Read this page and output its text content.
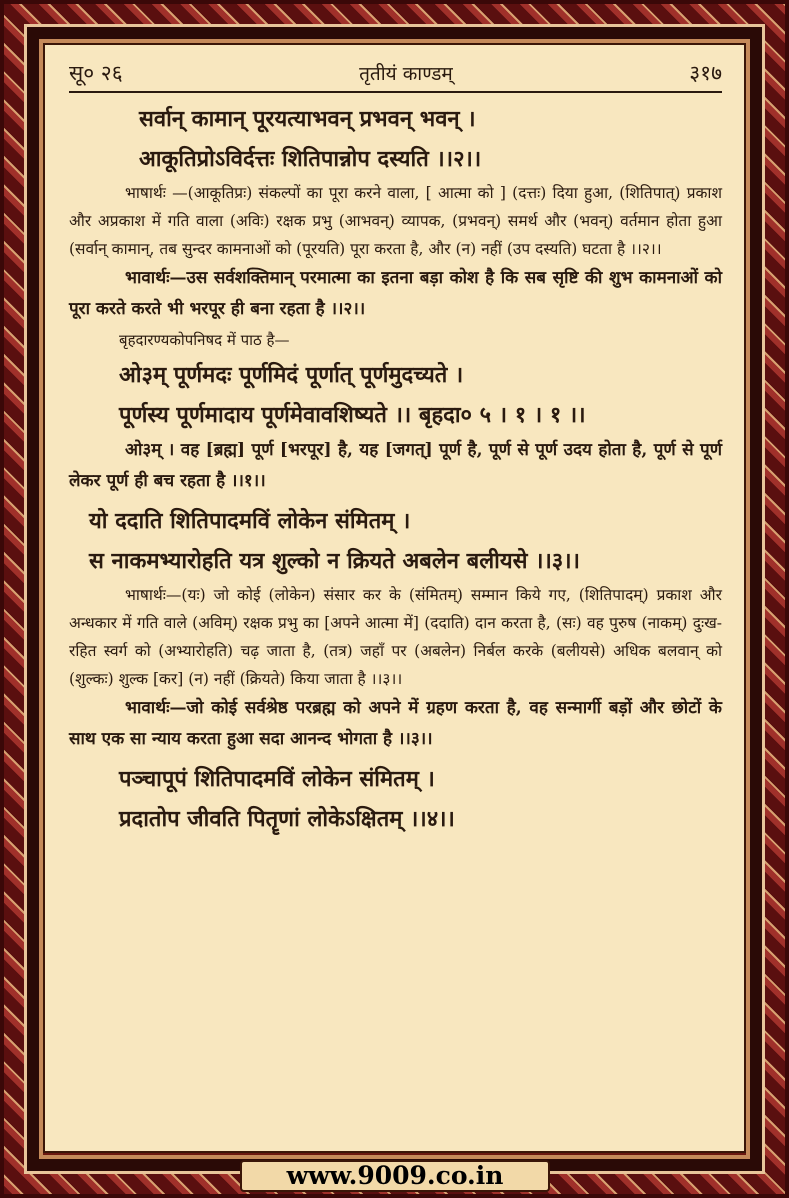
सू० २६	तृतीयं काण्डम्	३१७
सर्वान् कामान् पूरयत्याभवन् प्रभवन् भवन् ।
आकूतिप्रोऽविर्दत्तः शितिपान्नोप दस्यति ।।२।।
भाषार्थः —(आकूतिप्रः) संकल्पों का पूरा करने वाला, [ आत्मा को ] (दत्तः) दिया हुआ, (शितिपात्) प्रकाश और अप्रकाश में गति वाला (अविः) रक्षक प्रभु (आभवन्) व्यापक, (प्रभवन्) समर्थ और (भवन्) वर्तमान होता हुआ (सर्वान् कामान्, तब सुन्दर कामनाओं को (पूरयति) पूरा करता है, और (न) नहीं (उप दस्यति) घटता है ।।२।।
भावार्थः—उस सर्वशक्तिमान् परमात्मा का इतना बड़ा कोश है कि सब सृष्टि की शुभ कामनाओं को पूरा करते करते भी भरपूर ही बना रहता है ।।२।।
बृहदारण्यकोपनिषद में पाठ है—
ओ३म् पूर्णमदः पूर्णमिदं पूर्णात् पूर्णमुदच्यते ।
पूर्णस्य पूर्णमादाय पूर्णमेवावशिष्यते ।। बृहदा० ५ । १ । १ ।।
ओ३म् । वह [ब्रह्म] पूर्ण [भरपूर] है, यह [जगत्] पूर्ण है, पूर्ण से पूर्ण उदय होता है, पूर्ण से पूर्ण लेकर पूर्ण ही बच रहता है ।।१।।
यो ददाति शितिपादमविं लोकेन संमितम् ।
स नाकमभ्यारोहति यत्र शुल्को न क्रियते अबलेन बलीयसे ।।३।।
भाषार्थः—(यः) जो कोई (लोकेन) संसार कर के (संमितम्) सम्मान किये गए, (शितिपादम्) प्रकाश और अन्धकार में गति वाले (अविम्) रक्षक प्रभु का [अपने आत्मा में] (ददाति) दान करता है, (सः) वह पुरुष (नाकम्) दुःख-रहित स्वर्ग को (अभ्यारोहति) चढ़ जाता है, (तत्र) जहाँ पर (अबलेन) निर्बल करके (बलीयसे) अधिक बलवान् को (शुल्कः) शुल्क [कर] (न) नहीं (क्रियते) किया जाता है ।।३।।
भावार्थः—जो कोई सर्वश्रेष्ठ परब्रह्म को अपने में ग्रहण करता है, वह सन्मार्गी बड़ों और छोटों के साथ एक सा न्याय करता हुआ सदा आनन्द भोगता है ।।३।।
पञ्चापूपं शितिपादमविं लोकेन संमितम् ।
प्रदातोप जीवति पितॄणां लोकेऽक्षितम् ।।४।।
www.9009.co.in
